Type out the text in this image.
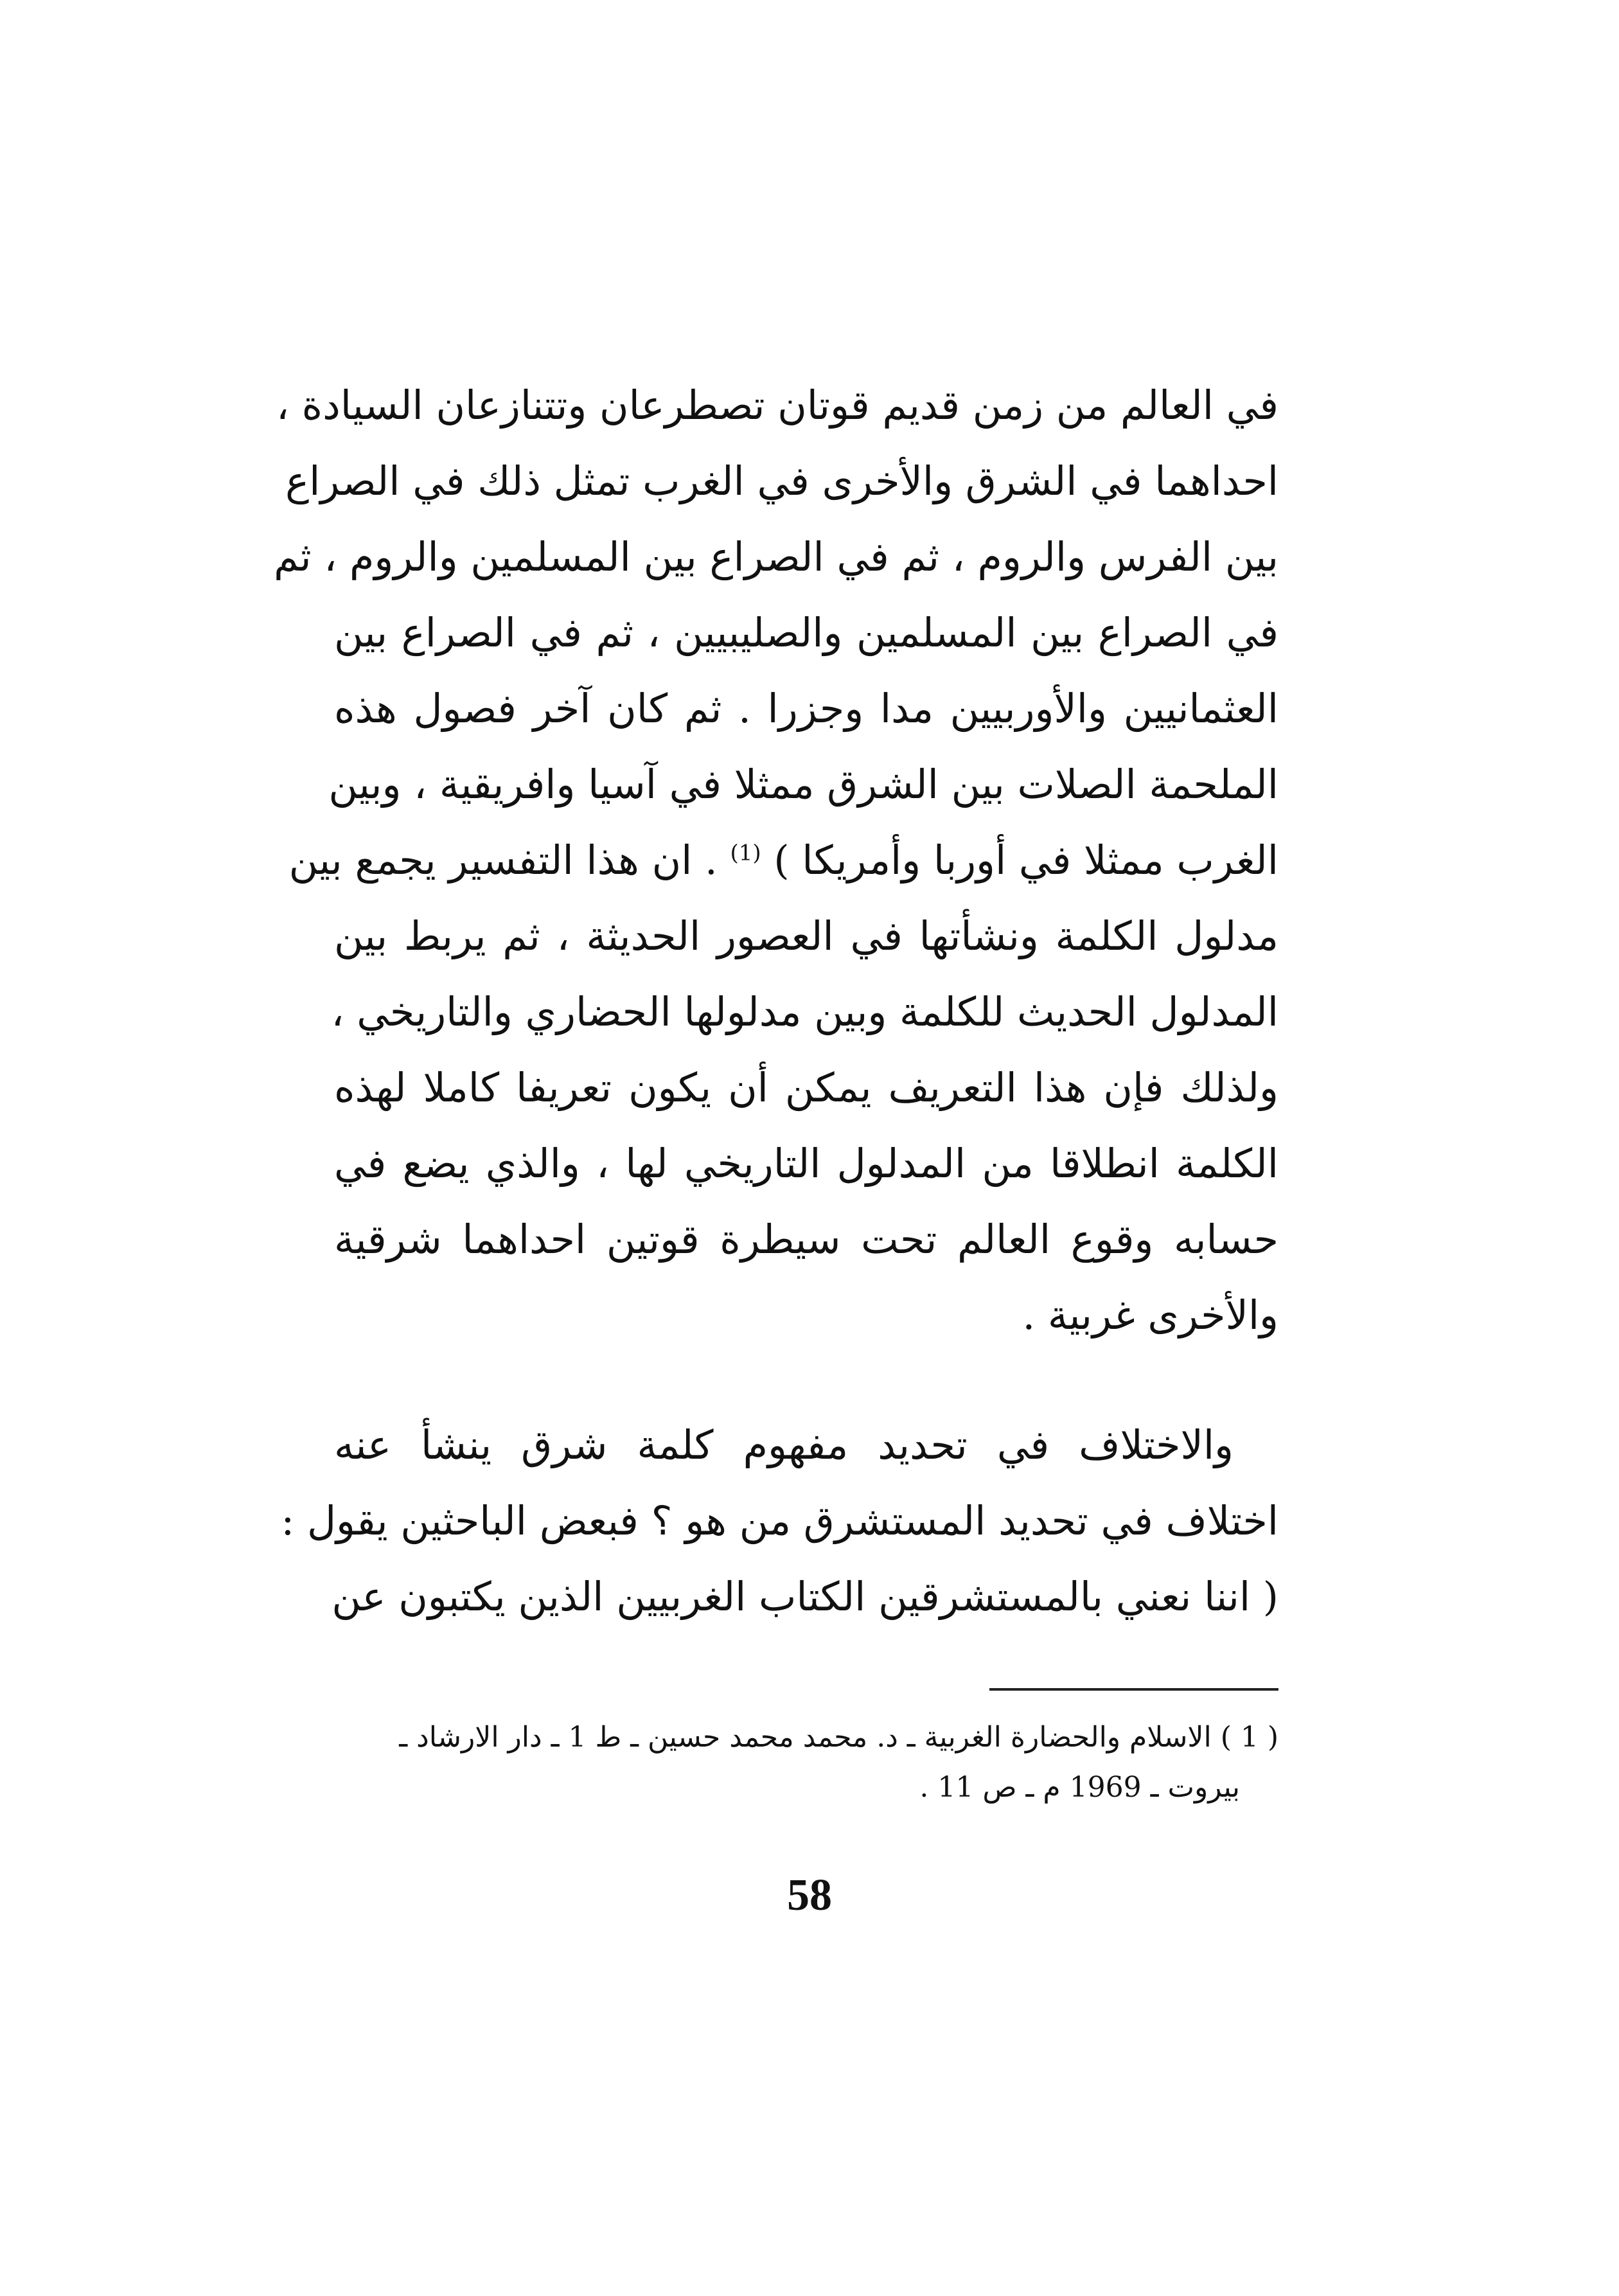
في العالم من زمن قديم قوتان تصطرعان وتتنازعان السيادة ،
احداهما في الشرق والأخرى في الغرب تمثل ذلك في الصراع
بين الفرس والروم ، ثم في الصراع بين المسلمين والروم ، ثم
في الصراع بين المسلمين والصليبيين ، ثم في الصراع بين
العثمانيين والأوربيين مدا وجزرا . ثم كان آخر فصول هذه
الملحمة الصلات بين الشرق ممثلا في آسيا وافريقية ، وبين
الغرب ممثلا في أوربا وأمريكا ) $^{(1)}$ . ان هذا التفسير يجمع بين
مدلول الكلمة ونشأتها في العصور الحديثة ، ثم يربط بين
المدلول الحديث للكلمة وبين مدلولها الحضاري والتاريخي ،
ولذلك فإن هذا التعريف يمكن أن يكون تعريفا كاملا لهذه
الكلمة انطلاقا من المدلول التاريخي لها ، والذي يضع في
حسابه وقوع العالم تحت سيطرة قوتين احداهما شرقية
والأخرى غربية .
والاختلاف في تحديد مفهوم كلمة شرق ينشأ عنه
اختلاف في تحديد المستشرق من هو ؟ فبعض الباحثين يقول :
( اننا نعني بالمستشرقين الكتاب الغربيين الذين يكتبون عن
( 1 ) الاسلام والحضارة الغربية ـ د. محمد محمد حسين ـ ط 1 ـ دار الارشاد ـ
بيروت ـ 1969 م ـ ص 11 .
58
